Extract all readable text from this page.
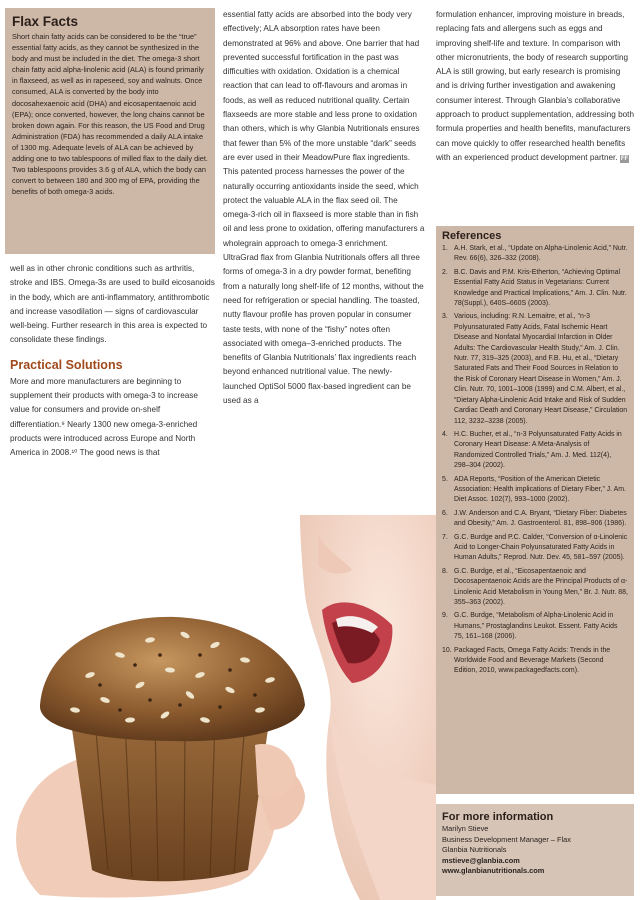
Flax Facts

Short chain fatty acids can be considered to be the “true” essential fatty acids, as they cannot be synthesized in the body and must be included in the diet. The omega-3 short chain fatty acid alpha-linolenic acid (ALA) is found primarily in flaxseed, as well as in rapeseed, soy and walnuts. Once consumed, ALA is converted by the body into docosahexaenoic acid (DHA) and eicosapentaenoic acid (EPA); once converted, however, the long chains cannot be broken down again. For this reason, the US Food and Drug Administration (FDA) has recommended a daily ALA intake of 1300 mg. Adequate levels of ALA can be achieved by adding one to two tablespoons of milled flax to the daily diet. Two tablespoons provides 3.6 g of ALA, which the body can convert to between 180 and 300 mg of EPA, providing the benefits of both omega-3 acids.

well as in other chronic conditions such as arthritis, stroke and IBS. Omega-3s are used to build eicosanoids in the body, which are anti-inflammatory, antithrombotic and increase vasodilation — signs of cardiovascular well-being. Further research in this area is expected to consolidate these findings.

Practical Solutions

More and more manufacturers are beginning to supplement their products with omega-3 to increase value for consumers and provide on-shelf differentiation.⁹ Nearly 1300 new omega-3-enriched products were introduced across Europe and North America in 2008.¹⁰ The good news is that

essential fatty acids are absorbed into the body very effectively; ALA absorption rates have been demonstrated at 96% and above. One barrier that had prevented successful fortification in the past was difficulties with oxidation. Oxidation is a chemical reaction that can lead to off-flavours and aromas in foods, as well as reduced nutritional quality. Certain flaxseeds are more stable and less prone to oxidation than others, which is why Glanbia Nutritionals ensures that fewer than 5% of the more unstable “dark” seeds are ever used in their MeadowPure flax ingredients. This patented process harnesses the power of the naturally occurring antioxidants inside the seed, which protect the valuable ALA in the flax seed oil. The omega-3-rich oil in flaxseed is more stable than in fish oil and less prone to oxidation, offering manufacturers a wholegrain approach to omega-3 enrichment.

UltraGrad flax from Glanbia Nutritionals offers all three forms of omega-3 in a dry powder format, benefiting from a naturally long shelf-life of 12 months, without the need for refrigeration or special handling. The toasted, nutty flavour profile has proven popular in consumer taste tests, with none of the “fishy” notes often associated with omega–3-enriched products. The benefits of Glanbia Nutritionals’ flax ingredients reach beyond enhanced nutritional value. The newly-launched OptiSol 5000 flax-based ingredient can be used as a

formulation enhancer, improving moisture in breads, replacing fats and allergens such as eggs and improving shelf-life and texture. In comparison with other micronutrients, the body of research supporting ALA is still growing, but early research is promising and is driving further investigation and awakening consumer interest. Through Glanbia’s collaborative approach to product supplementation, addressing both formula properties and health benefits, manufacturers can move quickly to offer researched health benefits with an experienced product development partner. FF

References
1. A.H. Stark, et al., “Update on Alpha-Linolenic Acid,” Nutr. Rev. 66(6), 326–332 (2008).
2. B.C. Davis and P.M. Kris-Etherton, “Achieving Optimal Essential Fatty Acid Status in Vegetarians: Current Knowledge and Practical Implications,” Am. J. Clin. Nutr. 78(Suppl.), 640S–660S (2003).
3. Various, including: R.N. Lemaitre, et al., “n-3 Polyunsaturated Fatty Acids, Fatal Ischemic Heart Disease and Nonfatal Myocardial Infarction in Older Adults: The Cardiovascular Health Study,” Am. J. Clin. Nutr. 77, 319–325 (2003), and F.B. Hu, et al., “Dietary Saturated Fats and Their Food Sources in Relation to the Risk of Coronary Heart Disease in Women,” Am. J. Clin. Nutr. 70, 1001–1008 (1999) and C.M. Albert, et al., “Dietary Alpha-Linolenic Acid Intake and Risk of Sudden Cardiac Death and Coronary Heart Disease,” Circulation 112, 3232–3238 (2005).
4. H.C. Bucher, et al., “n-3 Polyunsaturated Fatty Acids in Coronary Heart Disease: A Meta-Analysis of Randomized Controlled Trials,” Am. J. Med. 112(4), 298–304 (2002).
5. ADA Reports, “Position of the American Dietetic Association: Health implications of Dietary Fiber,” J. Am. Diet Assoc. 102(7), 993–1000 (2002).
6. J.W. Anderson and C.A. Bryant, “Dietary Fiber: Diabetes and Obesity,” Am. J. Gastroenterol. 81, 898–906 (1986).
7. G.C. Burdge and P.C. Calder, “Conversion of α-Linolenic Acid to Longer-Chain Polyunsaturated Fatty Acids in Human Adults,” Reprod. Nutr. Dev. 45, 581–597 (2005).
8. G.C. Burdge, et al., “Eicosapentaenoic and Docosapentaenoic Acids are the Principal Products of α-Linolenic Acid Metabolism in Young Men,” Br. J. Nutr. 88, 355–363 (2002).
9. G.C. Burdge, “Metabolism of Alpha-Linolenic Acid in Humans,” Prostaglandins Leukot. Essent. Fatty Acids 75, 161–168 (2006).
10. Packaged Facts, Omega Fatty Acids: Trends in the Worldwide Food and Beverage Markets (Second Edition, 2010, www.packagedfacts.com).
For more information

Marilyn Stieve

Business Development Manager – Flax

Glanbia Nutritionals

mstieve@glanbia.com

www.glanbianutritionals.com
